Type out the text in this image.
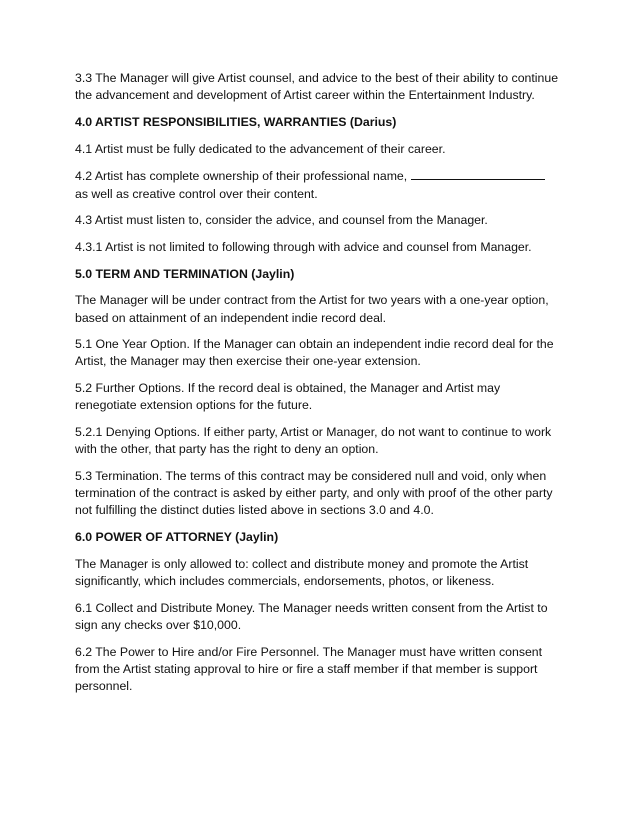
3.3 The Manager will give Artist counsel, and advice to the best of their ability to continue the advancement and development of Artist career within the Entertainment Industry.

4.0 ARTIST RESPONSIBILITIES, WARRANTIES (Darius)

4.1 Artist must be fully dedicated to the advancement of their career.

4.2 Artist has complete ownership of their professional name,
as well as creative control over their content.

4.3 Artist must listen to, consider the advice, and counsel from the Manager.

4.3.1 Artist is not limited to following through with advice and counsel from Manager.

5.0 TERM AND TERMINATION (Jaylin)

The Manager will be under contract from the Artist for two years with a one-year option, based on attainment of an independent indie record deal.

5.1 One Year Option. If the Manager can obtain an independent indie record deal for the Artist, the Manager may then exercise their one-year extension.

5.2 Further Options. If the record deal is obtained, the Manager and Artist may renegotiate extension options for the future.

5.2.1 Denying Options. If either party, Artist or Manager, do not want to continue to work with the other, that party has the right to deny an option.

5.3 Termination. The terms of this contract may be considered null and void, only when termination of the contract is asked by either party, and only with proof of the other party not fulfilling the distinct duties listed above in sections 3.0 and 4.0.

6.0 POWER OF ATTORNEY (Jaylin)

The Manager is only allowed to: collect and distribute money and promote the Artist significantly, which includes commercials, endorsements, photos, or likeness.

6.1 Collect and Distribute Money. The Manager needs written consent from the Artist to sign any checks over $10,000.

6.2 The Power to Hire and/or Fire Personnel. The Manager must have written consent from the Artist stating approval to hire or fire a staff member if that member is support personnel.
